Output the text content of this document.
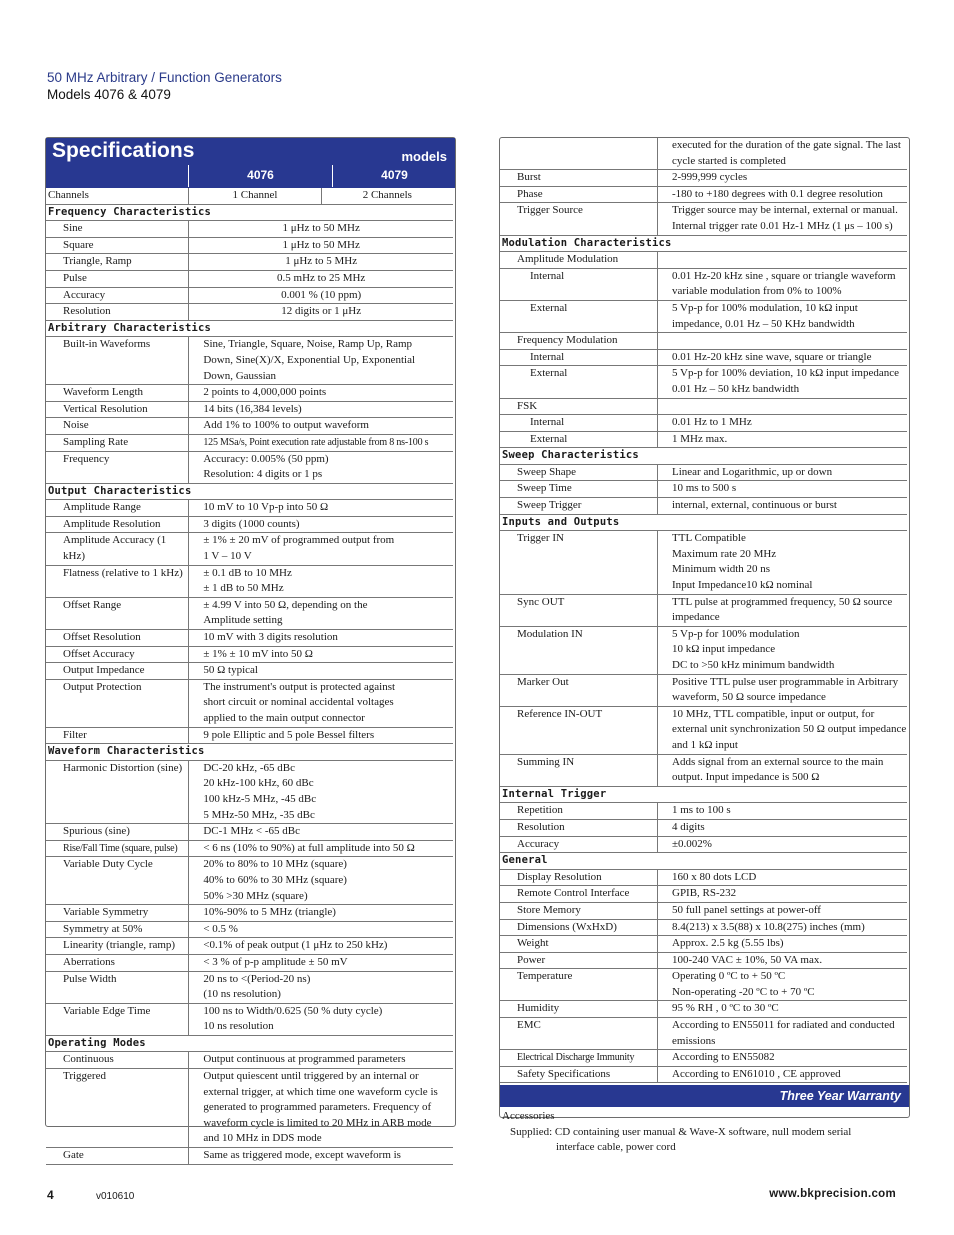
50 MHz Arbitrary / Function Generators
Models 4076 & 4079
Specifications	models
4076	4079
Channels	1 Channel	2 Channels
Frequency Characteristics		
Sine	1 μHz to 50 MHz	
Square	1 μHz to 50 MHz	
Triangle, Ramp	1 μHz to 5 MHz	
Pulse	0.5 mHz to 25 MHz	
Accuracy	0.001 % (10 ppm)	
Resolution	12 digits or 1 μHz	
Arbitrary Characteristics		
Built-in Waveforms	Sine, Triangle, Square, Noise, Ramp Up, Ramp
Down, Sine(X)/X, Exponential Up, Exponential
Down, Gaussian	

Waveform Length	2 points to 4,000,000 points	
Vertical Resolution	14 bits (16,384 levels)	
Noise	Add 1% to 100% to output waveform	
Sampling Rate	125 MSa/s, Point execution rate adjustable from 8 ns-100 s	
Frequency	Accuracy: 0.005% (50 ppm)
Resolution: 4 digits or 1 ps	

Output Characteristics		
Amplitude Range	10 mV to 10 Vp-p into 50 Ω	
Amplitude Resolution	3 digits (1000 counts)	
Amplitude Accuracy (1 kHz)	± 1% ± 20 mV of programmed output from
1 V – 10 V	

Flatness (relative to 1 kHz)	± 0.1 dB to 10 MHz
± 1 dB to 50 MHz	

Offset Range	± 4.99 V into 50 Ω, depending on the
Amplitude setting	

Offset Resolution	10 mV with 3 digits resolution	
Offset Accuracy	± 1% ± 10 mV into 50 Ω	
Output Impedance	50 Ω typical	
Output Protection	The instrument's output is protected against
short circuit or nominal accidental voltages
applied to the main output connector	

Filter	9 pole Elliptic and 5 pole Bessel filters	
Waveform Characteristics		
Harmonic Distortion (sine)	DC-20 kHz, -65 dBc
20 kHz-100 kHz, 60 dBc
100 kHz-5 MHz, -45 dBc
5 MHz-50 MHz, -35 dBc	

Spurious (sine)	DC-1 MHz < -65 dBc	
Rise/Fall Time (square, pulse)	< 6 ns (10% to 90%) at full amplitude into 50 Ω	
Variable Duty Cycle	20% to 80% to 10 MHz (square)
40% to 60% to 30 MHz (square)
50% >30 MHz (square)	

Variable Symmetry	10%-90% to 5 MHz (triangle)	
Symmetry at 50%	< 0.5 %	
Linearity (triangle, ramp)	<0.1% of peak output (1 μHz to 250 kHz)	
Aberrations	< 3 % of p-p amplitude ± 50 mV	
Pulse Width	20 ns to <(Period-20 ns)
(10 ns resolution)	

Variable Edge Time	100 ns to Width/0.625 (50 % duty cycle)
10 ns resolution	

Operating Modes		
Continuous	Output continuous at programmed parameters	
Triggered	Output quiescent until triggered by an internal or
external trigger, at which time one waveform cycle is
generated to programmed parameters. Frequency of
waveform cycle is limited to 20 MHz in ARB mode
and 10 MHz in DDS mode	

Gate	Same as triggered mode, except waveform is	

	executed for the duration of the gate signal. The last
cycle started is completed

Burst	2-999,999 cycles
Phase	-180 to +180 degrees with 0.1 degree resolution
Trigger Source	Trigger source may be internal, external or manual.
Internal trigger rate 0.01 Hz-1 MHz (1 μs – 100 s)

Modulation Characteristics	
Amplitude Modulation	
Internal	0.01 Hz-20 kHz sine , square or triangle waveform
variable modulation from 0% to 100%

External	5 Vp-p for 100% modulation, 10 kΩ input
impedance, 0.01 Hz – 50 KHz bandwidth

Frequency Modulation	
Internal	0.01 Hz-20 kHz sine wave, square or triangle
External	5 Vp-p for 100% deviation, 10 kΩ input impedance
0.01 Hz – 50 kHz bandwidth

FSK	
Internal	0.01 Hz to 1 MHz
External	1 MHz max.
Sweep Characteristics	
Sweep Shape	Linear and Logarithmic, up or down
Sweep Time	10 ms to 500 s
Sweep Trigger	internal, external, continuous or burst
Inputs and Outputs	
Trigger IN	TTL Compatible
Maximum rate 20 MHz
Minimum width 20 ns
Input Impedance10 kΩ nominal

Sync OUT	TTL pulse at programmed frequency, 50 Ω source
impedance

Modulation IN	5 Vp-p for 100% modulation
10 kΩ input impedance
DC to >50 kHz minimum bandwidth

Marker Out	Positive TTL pulse user programmable in Arbitrary
waveform, 50 Ω source impedance

Reference IN-OUT	10 MHz, TTL compatible, input or output, for
external unit synchronization 50 Ω output impedance
and 1 kΩ input

Summing IN	Adds signal from an external source to the main
output. Input impedance is 500 Ω

Internal Trigger	
Repetition	1 ms to 100 s
Resolution	4 digits
Accuracy	±0.002%
General	
Display Resolution	160 x 80 dots LCD
Remote Control Interface	GPIB, RS-232
Store Memory	50 full panel settings at power-off
Dimensions (WxHxD)	8.4(213) x 3.5(88) x 10.8(275) inches (mm)
Weight	Approx. 2.5 kg (5.55 lbs)
Power	100-240 VAC ± 10%, 50 VA max.
Temperature	Operating 0 ºC to + 50 ºC
Non-operating -20 ºC to + 70 ºC

Humidity	95 % RH , 0 ºC to 30 ºC
EMC	According to EN55011 for radiated and conducted
emissions

Electrical Discharge Immunity	According to EN55082
Safety Specifications	According to EN61010 , CE approved
Three Year Warranty
Accessories
Supplied: CD containing user manual & Wave-X software, null modem serial
interface cable, power cord
4	v010610	www.bkprecision.com
